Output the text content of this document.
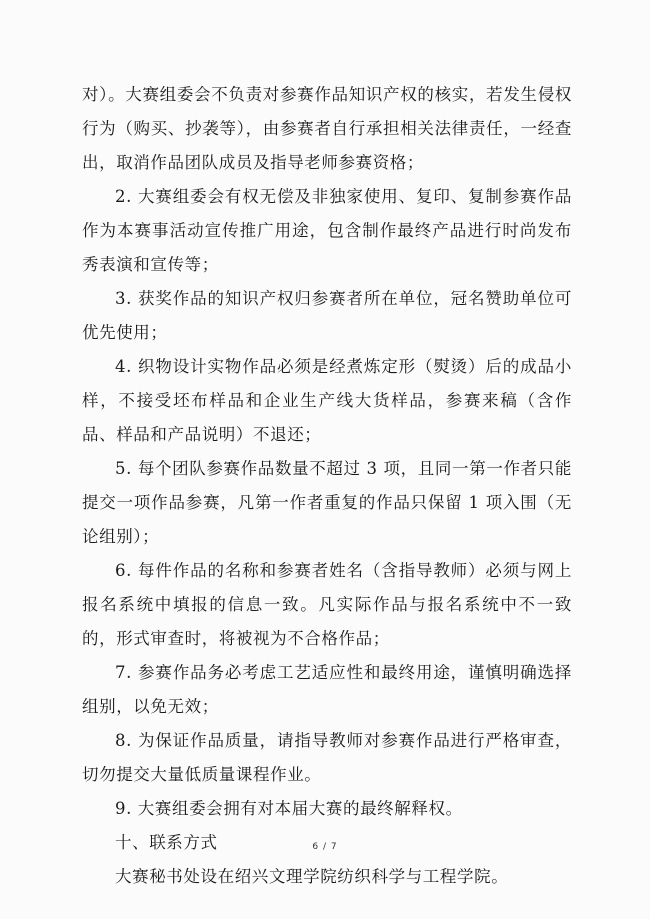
对）。大赛组委会不负责对参赛作品知识产权的核实，若发生侵权行为（购买、抄袭等），由参赛者自行承担相关法律责任，一经查出，取消作品团队成员及指导老师参赛资格；

2. 大赛组委会有权无偿及非独家使用、复印、复制参赛作品作为本赛事活动宣传推广用途，包含制作最终产品进行时尚发布秀表演和宣传等；

3. 获奖作品的知识产权归参赛者所在单位，冠名赞助单位可优先使用；

4. 织物设计实物作品必须是经煮炼定形（熨烫）后的成品小样，不接受坯布样品和企业生产线大货样品，参赛来稿（含作品、样品和产品说明）不退还；

5. 每个团队参赛作品数量不超过 3 项，且同一第一作者只能提交一项作品参赛，凡第一作者重复的作品只保留 1 项入围（无论组别）；

6. 每件作品的名称和参赛者姓名（含指导教师）必须与网上报名系统中填报的信息一致。凡实际作品与报名系统中不一致的，形式审查时，将被视为不合格作品；

7. 参赛作品务必考虑工艺适应性和最终用途，谨慎明确选择组别，以免无效；

8. 为保证作品质量，请指导教师对参赛作品进行严格审查，切勿提交大量低质量课程作业。

9. 大赛组委会拥有对本届大赛的最终解释权。

十、联系方式

大赛秘书处设在绍兴文理学院纺织科学与工程学院。

6 / 7
